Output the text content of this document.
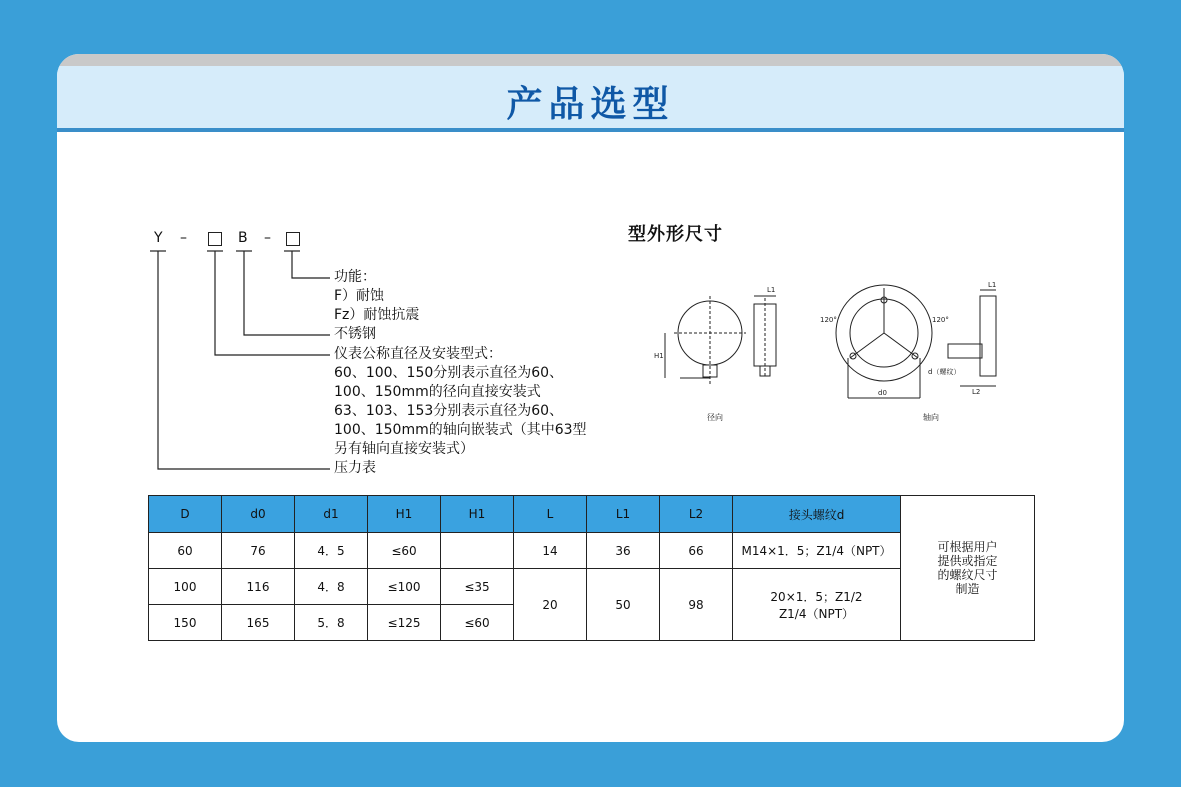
产品选型
Y –	B –
功能：
F）耐蚀
Fz）耐蚀抗震
不锈钢
仪表公称直径及安装型式：
60、100、150分别表示直径为60、
100、150mm的径向直接安装式
63、103、153分别表示直径为60、
100、150mm的轴向嵌装式（其中63型
另有轴向直接安装式）
压力表
型外形尺寸
L1
H1
120°	120°
d0
L1
L2
d（螺纹）
径向	轴向
D	d0	d1	H1	H1	L	L1	L2	接头螺纹d	可根据用户
提供或指定
的螺纹尺寸
制造

60	76	4．5	≤60		14	36	66	M14×1．5；Z1/4（NPT）	
100	116	4．8	≤100	≤35	20	50	98	20×1．5；Z1/2
Z1/4（NPT）	

150	165	5．8	≤125	≤60					
